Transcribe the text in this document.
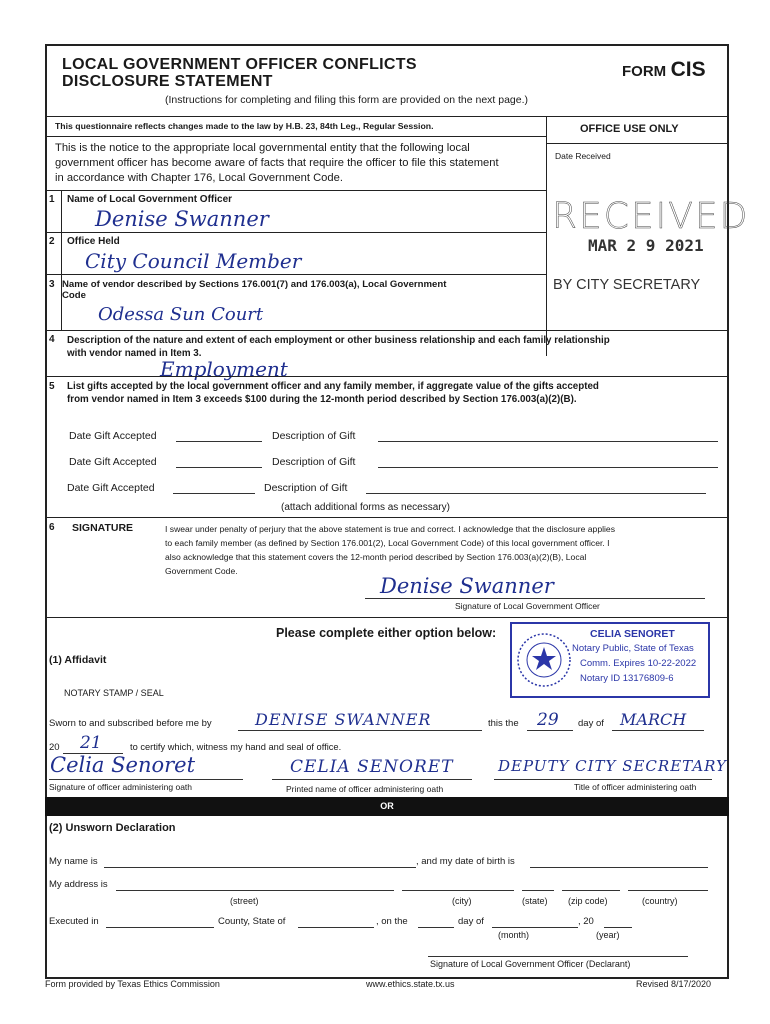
LOCAL GOVERNMENT OFFICER CONFLICTS
DISCLOSURE STATEMENT
FORM CIS
(Instructions for completing and filing this form are provided on the next page.)
This questionnaire reflects changes made to the law by H.B. 23, 84th Leg., Regular Session.
This is the notice to the appropriate local governmental entity that the following local
government officer has become aware of facts that require the officer to file this statement
in accordance with Chapter 176, Local Government Code.
OFFICE USE ONLY
Date Received
RECEIVED
MAR 2 9 2021
BY CITY SECRETARY
1 Name of Local Government Officer
Denise Swanner
2 Office Held
City Council Member
3 Name of vendor described by Sections 176.001(7) and 176.003(a), Local Government
Code
Odessa Sun Court
4 Description of the nature and extent of each employment or other business relationship and each family relationship
with vendor named in Item 3.
Employment
5 List gifts accepted by the local government officer and any family member, if aggregate value of the gifts accepted
from vendor named in Item 3 exceeds $100 during the 12-month period described by Section 176.003(a)(2)(B).
Date Gift Accepted	Description of Gift
Date Gift Accepted	Description of Gift
Date Gift Accepted	Description of Gift
(attach additional forms as necessary)
6 SIGNATURE	I swear under penalty of perjury that the above statement is true and correct. I acknowledge that the disclosure applies
to each family member (as defined by Section 176.001(2), Local Government Code) of this local government officer. I
also acknowledge that this statement covers the 12-month period described by Section 176.003(a)(2)(B), Local
Government Code.
Denise Swanner
Signature of Local Government Officer
Please complete either option below:
(1) Affidavit
NOTARY STAMP / SEAL
CELIA SENORET
Notary Public, State of Texas
Comm. Expires 10-22-2022
Notary ID 13176809-6
Sworn to and subscribed before me by	DENISE SWANNER	this the 29 day of MARCH
20 21	to certify which, witness my hand and seal of office.
Celia Senoret	CELIA SENORET	DEPUTY CITY SECRETARY
Signature of officer administering oath	Printed name of officer administering oath	Title of officer administering oath
OR
(2) Unsworn Declaration
My name is	, and my date of birth is
My address is
(street)	(city)	(state) (zip code)	(country)
Executed in	County, State of	, on the	day of	, 20
(month)	(year)
Signature of Local Government Officer (Declarant)
Form provided by Texas Ethics Commission	www.ethics.state.tx.us	Revised 8/17/2020
